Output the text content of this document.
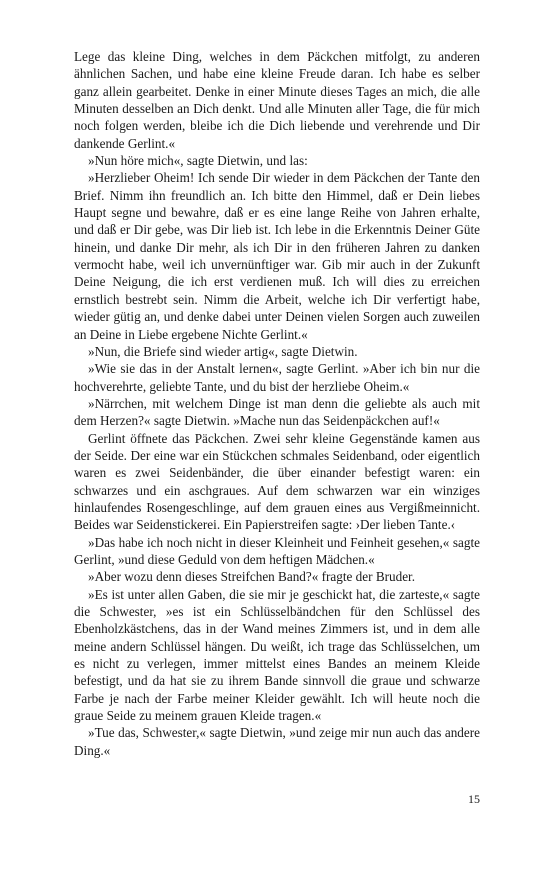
Lege das kleine Ding, welches in dem Päckchen mitfolgt, zu anderen ähnlichen Sachen, und habe eine kleine Freude daran. Ich habe es selber ganz allein gearbeitet. Denke in einer Minute dieses Tages an mich, die alle Minuten desselben an Dich denkt. Und alle Minuten aller Tage, die für mich noch folgen werden, bleibe ich die Dich liebende und verehrende und Dir dankende Gerlint.«

»Nun höre mich«, sagte Dietwin, und las:

»Herzlieber Oheim! Ich sende Dir wieder in dem Päckchen der Tante den Brief. Nimm ihn freundlich an. Ich bitte den Himmel, daß er Dein liebes Haupt segne und bewahre, daß er es eine lange Reihe von Jahren erhalte, und daß er Dir gebe, was Dir lieb ist. Ich lebe in die Erkenntnis Deiner Güte hinein, und danke Dir mehr, als ich Dir in den früheren Jahren zu danken vermocht habe, weil ich unvernünftiger war. Gib mir auch in der Zukunft Deine Neigung, die ich erst verdienen muß. Ich will dies zu erreichen ernstlich bestrebt sein. Nimm die Arbeit, welche ich Dir verfertigt habe, wieder gütig an, und denke dabei unter Deinen vielen Sorgen auch zuweilen an Deine in Liebe ergebene Nichte Gerlint.«

»Nun, die Briefe sind wieder artig«, sagte Dietwin.

»Wie sie das in der Anstalt lernen«, sagte Gerlint. »Aber ich bin nur die hochverehrte, geliebte Tante, und du bist der herzliebe Oheim.«

»Närrchen, mit welchem Dinge ist man denn die geliebte als auch mit dem Herzen?« sagte Dietwin. »Mache nun das Seidenpäckchen auf!«

Gerlint öffnete das Päckchen. Zwei sehr kleine Gegenstände kamen aus der Seide. Der eine war ein Stückchen schmales Seidenband, oder eigentlich waren es zwei Seidenbänder, die über einander befestigt waren: ein schwarzes und ein aschgraues. Auf dem schwarzen war ein winziges hinlaufendes Rosengeschlinge, auf dem grauen eines aus Vergißmeinnicht. Beides war Seidenstickerei. Ein Papierstreifen sagte: ›Der lieben Tante.‹

»Das habe ich noch nicht in dieser Kleinheit und Feinheit gesehen,« sagte Gerlint, »und diese Geduld von dem heftigen Mädchen.«

»Aber wozu denn dieses Streifchen Band?« fragte der Bruder.

»Es ist unter allen Gaben, die sie mir je geschickt hat, die zarteste,« sagte die Schwester, »es ist ein Schlüsselbändchen für den Schlüssel des Ebenholzkästchens, das in der Wand meines Zimmers ist, und in dem alle meine andern Schlüssel hängen. Du weißt, ich trage das Schlüsselchen, um es nicht zu verlegen, immer mittelst eines Bandes an meinem Kleide befestigt, und da hat sie zu ihrem Bande sinnvoll die graue und schwarze Farbe je nach der Farbe meiner Kleider gewählt. Ich will heute noch die graue Seide zu meinem grauen Kleide tragen.«

»Tue das, Schwester,« sagte Dietwin, »und zeige mir nun auch das andere Ding.«

15
